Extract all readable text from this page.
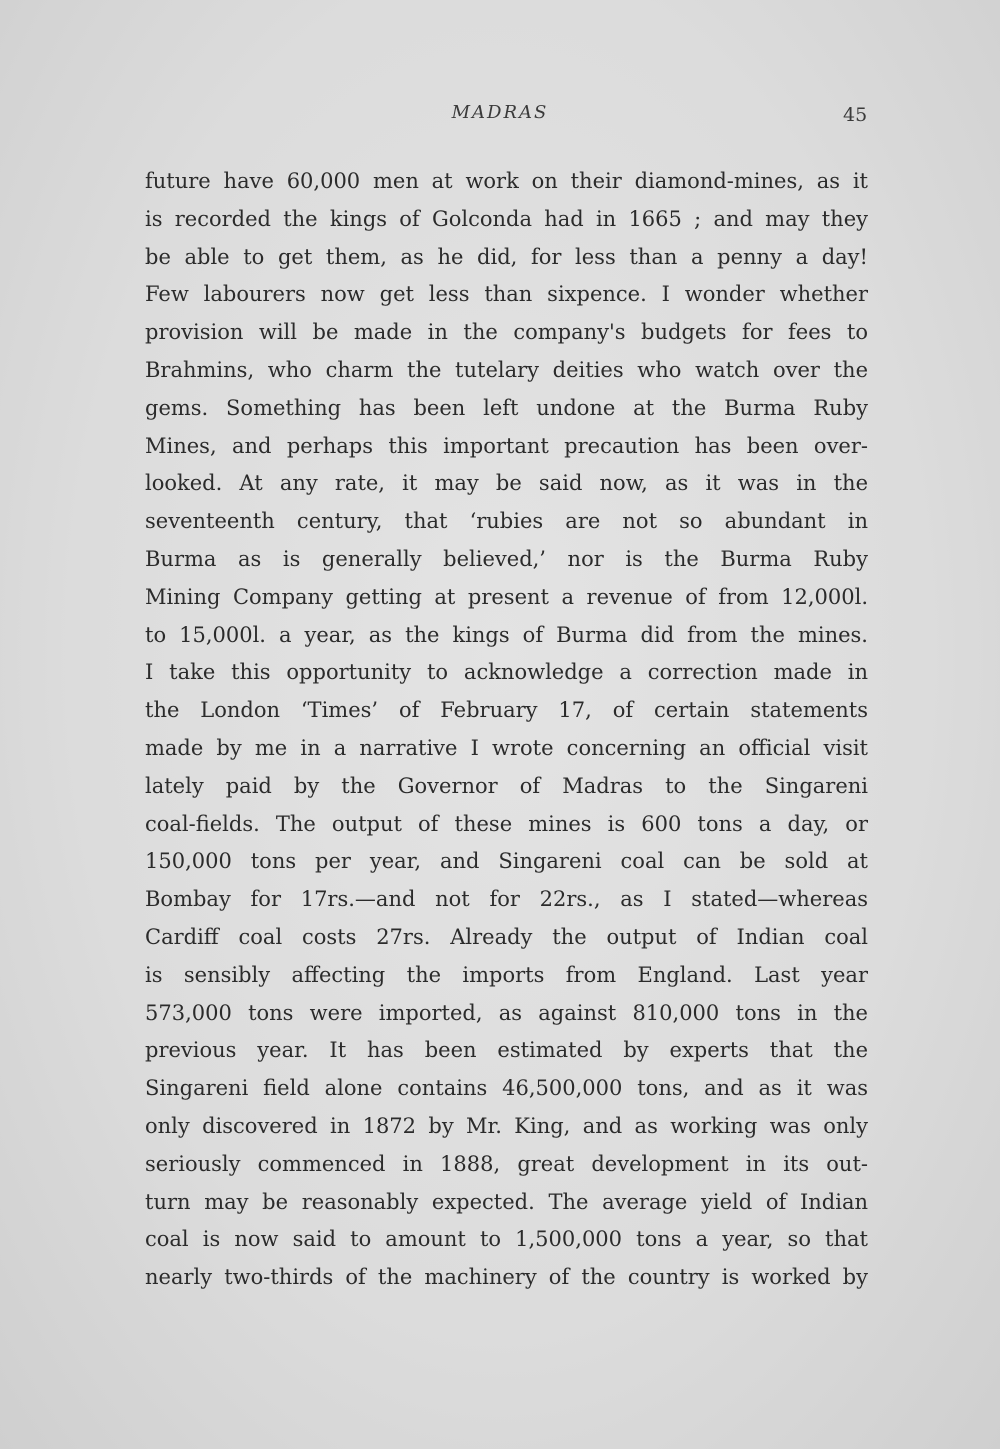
MADRAS	45
future have 60,000 men at work on their diamond-mines, as it
is recorded the kings of Golconda had in 1665 ; and may they
be able to get them, as he did, for less than a penny a day!
Few labourers now get less than sixpence. I wonder whether
provision will be made in the company's budgets for fees to
Brahmins, who charm the tutelary deities who watch over the
gems. Something has been left undone at the Burma Ruby
Mines, and perhaps this important precaution has been over-
looked. At any rate, it may be said now, as it was in the
seventeenth century, that ‘rubies are not so abundant in
Burma as is generally believed,’ nor is the Burma Ruby
Mining Company getting at present a revenue of from 12,000l.
to 15,000l. a year, as the kings of Burma did from the mines.
I take this opportunity to acknowledge a correction made in
the London ‘Times’ of February 17, of certain statements
made by me in a narrative I wrote concerning an official visit
lately paid by the Governor of Madras to the Singareni
coal-fields. The output of these mines is 600 tons a day, or
150,000 tons per year, and Singareni coal can be sold at
Bombay for 17rs.—and not for 22rs., as I stated—whereas
Cardiff coal costs 27rs. Already the output of Indian coal
is sensibly affecting the imports from England. Last year
573,000 tons were imported, as against 810,000 tons in the
previous year. It has been estimated by experts that the
Singareni field alone contains 46,500,000 tons, and as it was
only discovered in 1872 by Mr. King, and as working was only
seriously commenced in 1888, great development in its out-
turn may be reasonably expected. The average yield of Indian
coal is now said to amount to 1,500,000 tons a year, so that
nearly two-thirds of the machinery of the country is worked by
